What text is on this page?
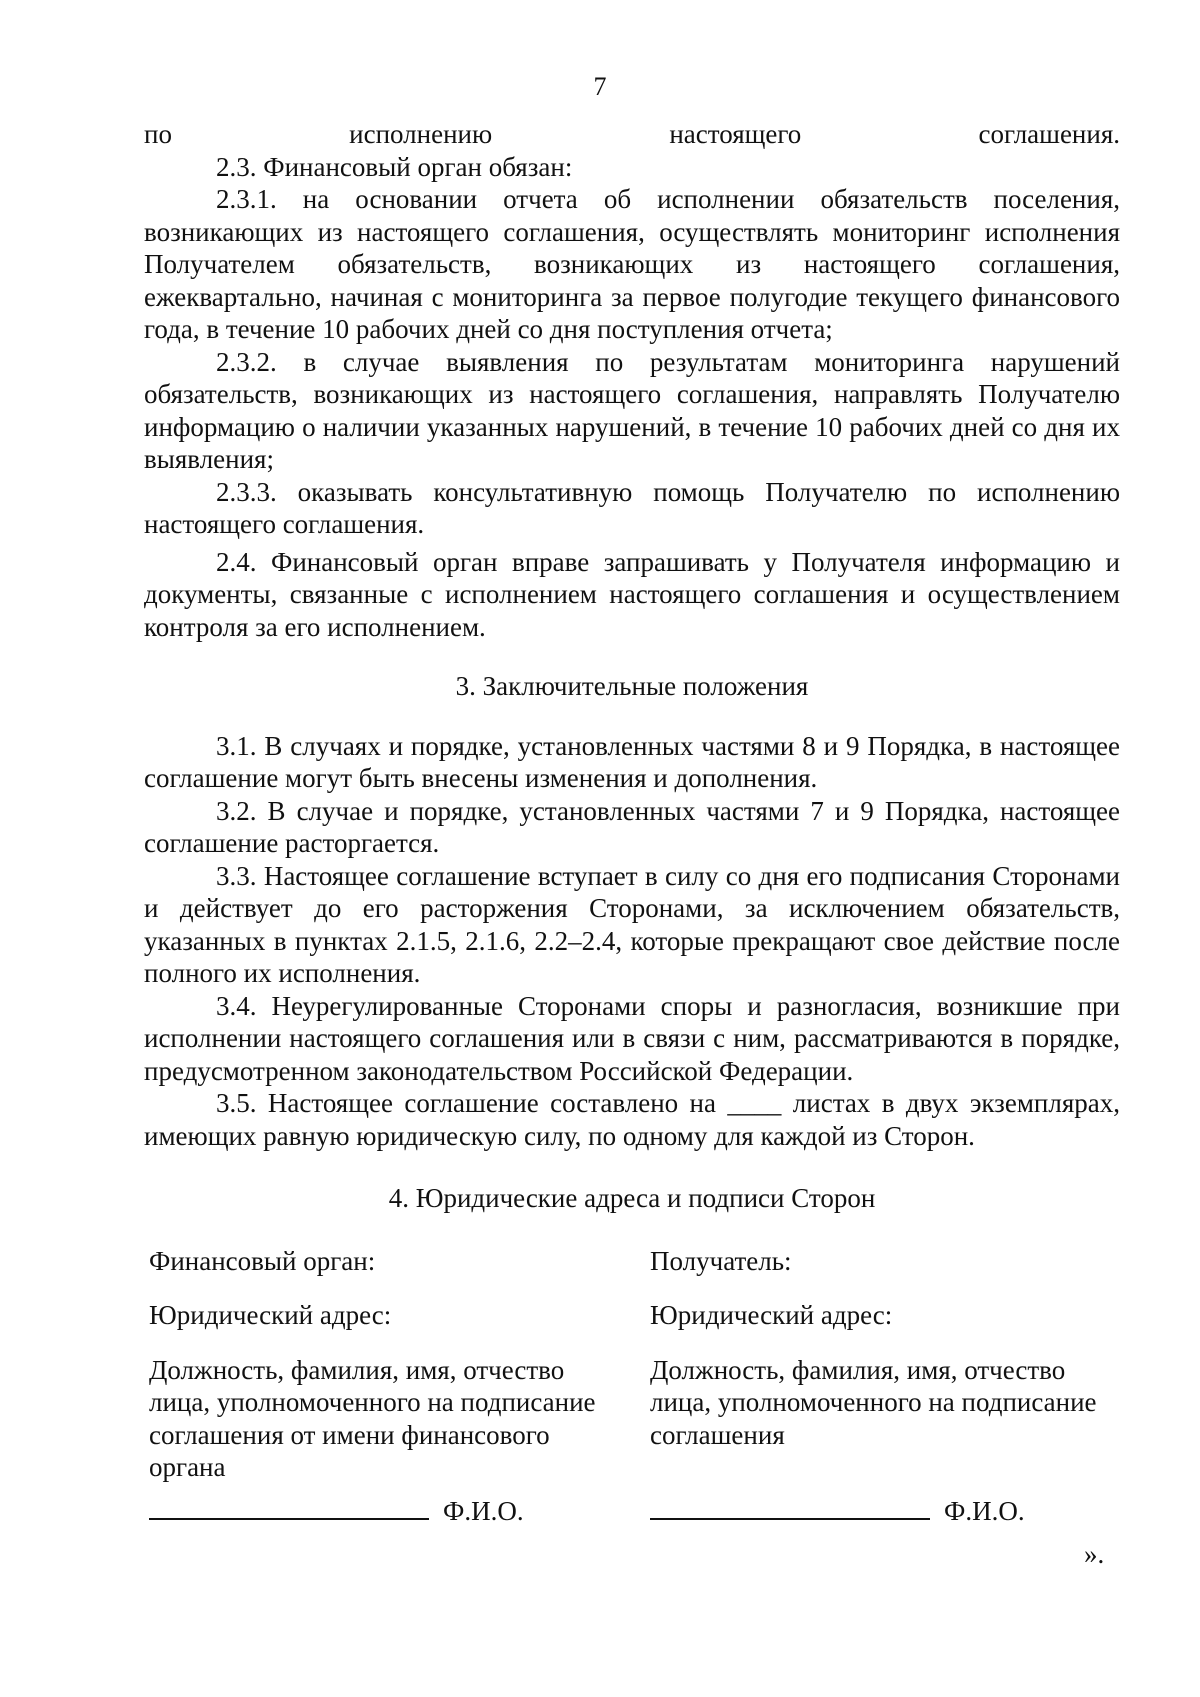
7

по исполнению настоящего соглашения.

2.3. Финансовый орган обязан:

2.3.1. на основании отчета об исполнении обязательств поселения, возникающих из настоящего соглашения, осуществлять мониторинг исполнения Получателем обязательств, возникающих из настоящего соглашения, ежеквартально, начиная с мониторинга за первое полугодие текущего финансового года, в течение 10 рабочих дней со дня поступления отчета;

2.3.2. в случае выявления по результатам мониторинга нарушений обязательств, возникающих из настоящего соглашения, направлять Получателю информацию о наличии указанных нарушений, в течение 10 рабочих дней со дня их выявления;

2.3.3. оказывать консультативную помощь Получателю по исполнению настоящего соглашения.

2.4. Финансовый орган вправе запрашивать у Получателя информацию и документы, связанные с исполнением настоящего соглашения и осуществлением контроля за его исполнением.

3. Заключительные положения

3.1. В случаях и порядке, установленных частями 8 и 9 Порядка, в настоящее соглашение могут быть внесены изменения и дополнения.

3.2. В случае и порядке, установленных частями 7 и 9 Порядка, настоящее соглашение расторгается.

3.3. Настоящее соглашение вступает в силу со дня его подписания Сторонами и действует до его расторжения Сторонами, за исключением обязательств, указанных в пунктах 2.1.5, 2.1.6, 2.2–2.4, которые прекращают свое действие после полного их исполнения.

3.4. Неурегулированные Сторонами споры и разногласия, возникшие при исполнении настоящего соглашения или в связи с ним, рассматриваются в порядке, предусмотренном законодательством Российской Федерации.

3.5. Настоящее соглашение составлено на ____ листах в двух экземплярах, имеющих равную юридическую силу, по одному для каждой из Сторон.

4. Юридические адреса и подписи Сторон

Финансовый орган:

Юридический адрес:

Должность, фамилия, имя, отчество лица, уполномоченного на подписание соглашения от имени финансового органа

Ф.И.О.

Получатель:

Юридический адрес:

Должность, фамилия, имя, отчество лица, уполномоченного на подписание соглашения

Ф.И.О.
».
